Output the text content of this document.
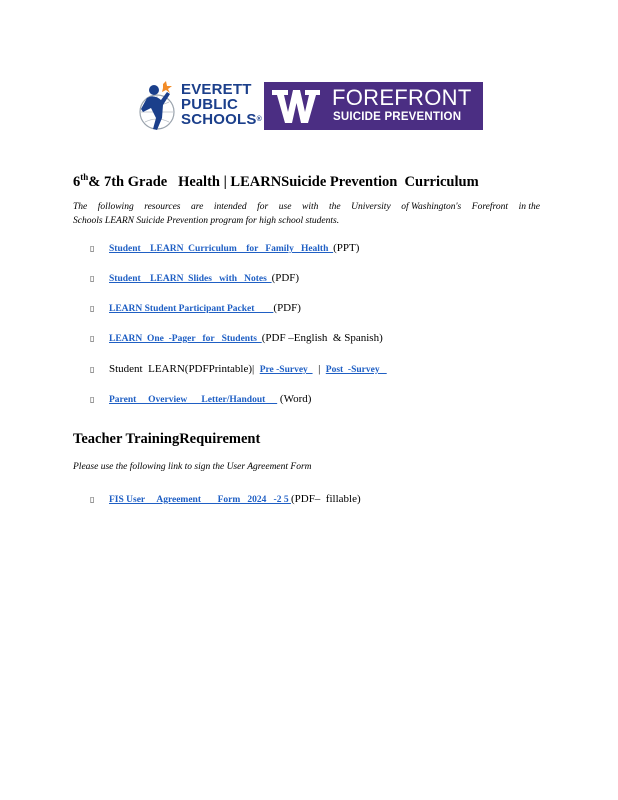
EVERETT
PUBLIC
SCHOOLS®
FOREFRONT
SUICIDE PREVENTION
6th& 7th Grade   Health | LEARNSuicide Prevention  Curriculum
The following resources are intended for use with the University of Washington's Forefront in the
Schools LEARN Suicide Prevention program for high school students.
▯ Student    LEARN  Curriculum    for   Family   Health  (PPT)
▯ Student    LEARN  Slides   with   Notes  (PDF)
▯ LEARN Student Participant Packet        (PDF)
▯ LEARN  One  -Pager   for   Students  (PDF –English  & Spanish)
▯ Student  LEARN(PDFPrintable)|  Pre -Survey    |  Post  -Survey
▯ Parent     Overview      Letter/Handout      (Word)
Teacher TrainingRequirement
Please use the following link to sign the User Agreement Form
▯ FIS User     Agreement       Form   2024   -2 5 (PDF–  fillable)
